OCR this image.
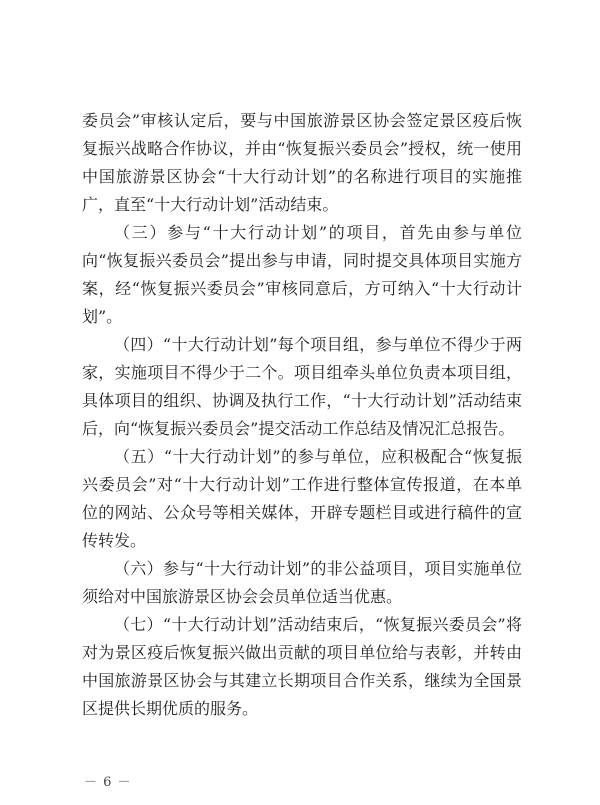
委员会”审核认定后，要与中国旅游景区协会签定景区疫后恢复振兴战略合作协议，并由“恢复振兴委员会”授权，统一使用中国旅游景区协会“十大行动计划”的名称进行项目的实施推广，直至“十大行动计划”活动结束。

（三）参与“十大行动计划”的项目，首先由参与单位向“恢复振兴委员会”提出参与申请，同时提交具体项目实施方案，经“恢复振兴委员会”审核同意后，方可纳入“十大行动计划”。

（四）“十大行动计划”每个项目组，参与单位不得少于两家，实施项目不得少于二个。项目组牵头单位负责本项目组，具体项目的组织、协调及执行工作，“十大行动计划”活动结束后，向“恢复振兴委员会”提交活动工作总结及情况汇总报告。

（五）“十大行动计划”的参与单位，应积极配合“恢复振兴委员会”对“十大行动计划”工作进行整体宣传报道，在本单位的网站、公众号等相关媒体，开辟专题栏目或进行稿件的宣传转发。

（六）参与“十大行动计划”的非公益项目，项目实施单位须给对中国旅游景区协会会员单位适当优惠。

（七）“十大行动计划”活动结束后，“恢复振兴委员会”将对为景区疫后恢复振兴做出贡献的项目单位给与表彰，并转由中国旅游景区协会与其建立长期项目合作关系，继续为全国景区提供长期优质的服务。

－ 6 －
